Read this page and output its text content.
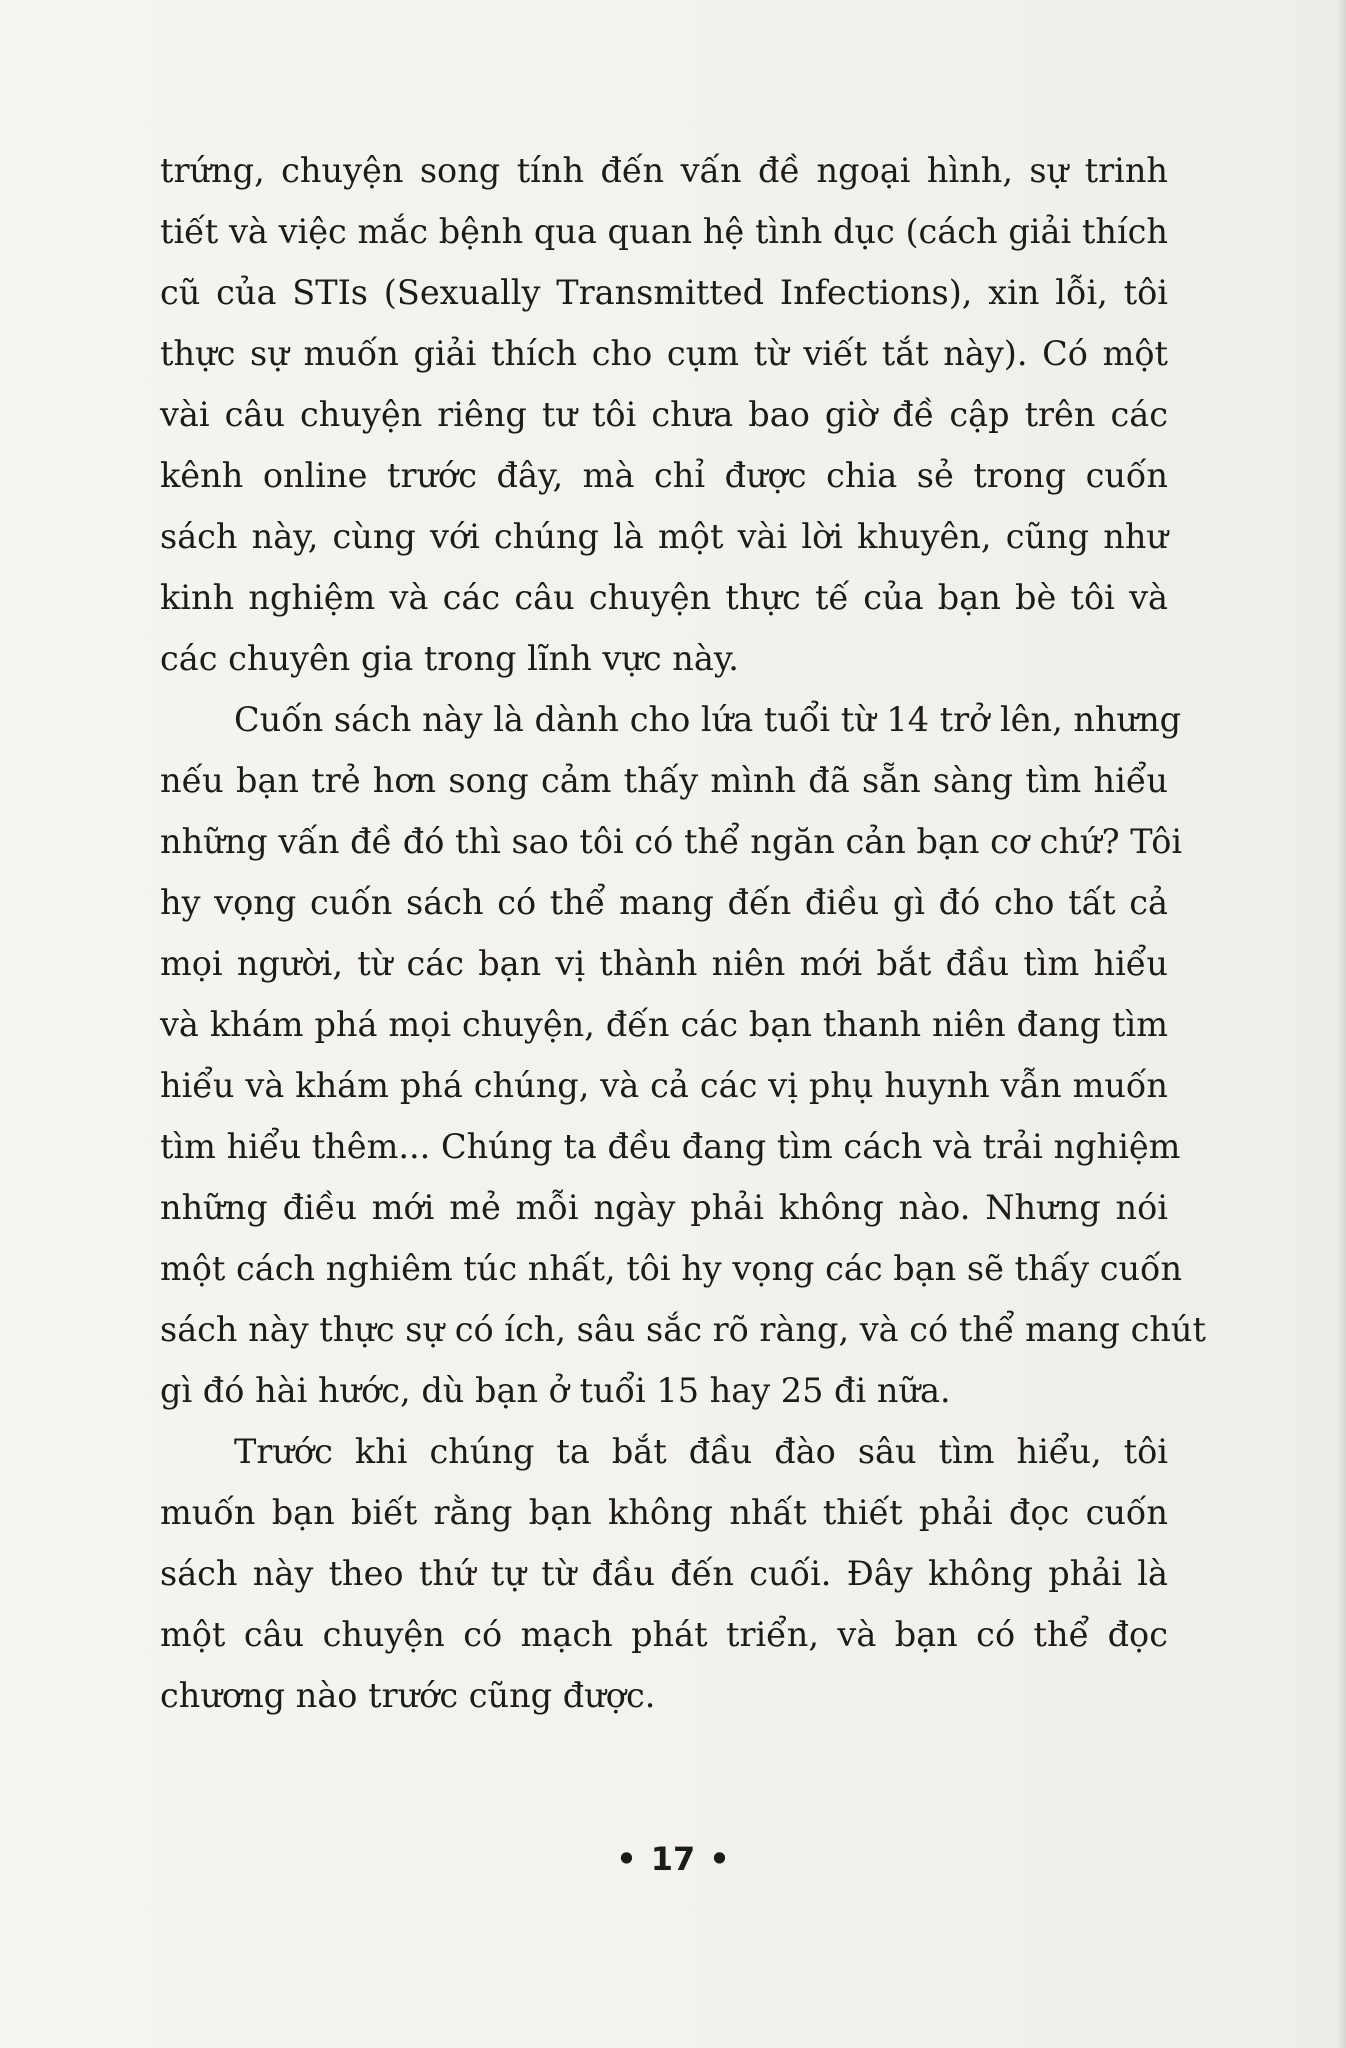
trứng, chuyện song tính đến vấn đề ngoại hình, sự trinh
tiết và việc mắc bệnh qua quan hệ tình dục (cách giải thích
cũ của STIs (Sexually Transmitted Infections), xin lỗi, tôi
thực sự muốn giải thích cho cụm từ viết tắt này). Có một
vài câu chuyện riêng tư tôi chưa bao giờ đề cập trên các
kênh online trước đây, mà chỉ được chia sẻ trong cuốn
sách này, cùng với chúng là một vài lời khuyên, cũng như
kinh nghiệm và các câu chuyện thực tế của bạn bè tôi và
các chuyên gia trong lĩnh vực này.
Cuốn sách này là dành cho lứa tuổi từ 14 trở lên, nhưng
nếu bạn trẻ hơn song cảm thấy mình đã sẵn sàng tìm hiểu
những vấn đề đó thì sao tôi có thể ngăn cản bạn cơ chứ? Tôi
hy vọng cuốn sách có thể mang đến điều gì đó cho tất cả
mọi người, từ các bạn vị thành niên mới bắt đầu tìm hiểu
và khám phá mọi chuyện, đến các bạn thanh niên đang tìm
hiểu và khám phá chúng, và cả các vị phụ huynh vẫn muốn
tìm hiểu thêm... Chúng ta đều đang tìm cách và trải nghiệm
những điều mới mẻ mỗi ngày phải không nào. Nhưng nói
một cách nghiêm túc nhất, tôi hy vọng các bạn sẽ thấy cuốn
sách này thực sự có ích, sâu sắc rõ ràng, và có thể mang chút
gì đó hài hước, dù bạn ở tuổi 15 hay 25 đi nữa.
Trước khi chúng ta bắt đầu đào sâu tìm hiểu, tôi
muốn bạn biết rằng bạn không nhất thiết phải đọc cuốn
sách này theo thứ tự từ đầu đến cuối. Đây không phải là
một câu chuyện có mạch phát triển, và bạn có thể đọc
chương nào trước cũng được.
• 17 •
